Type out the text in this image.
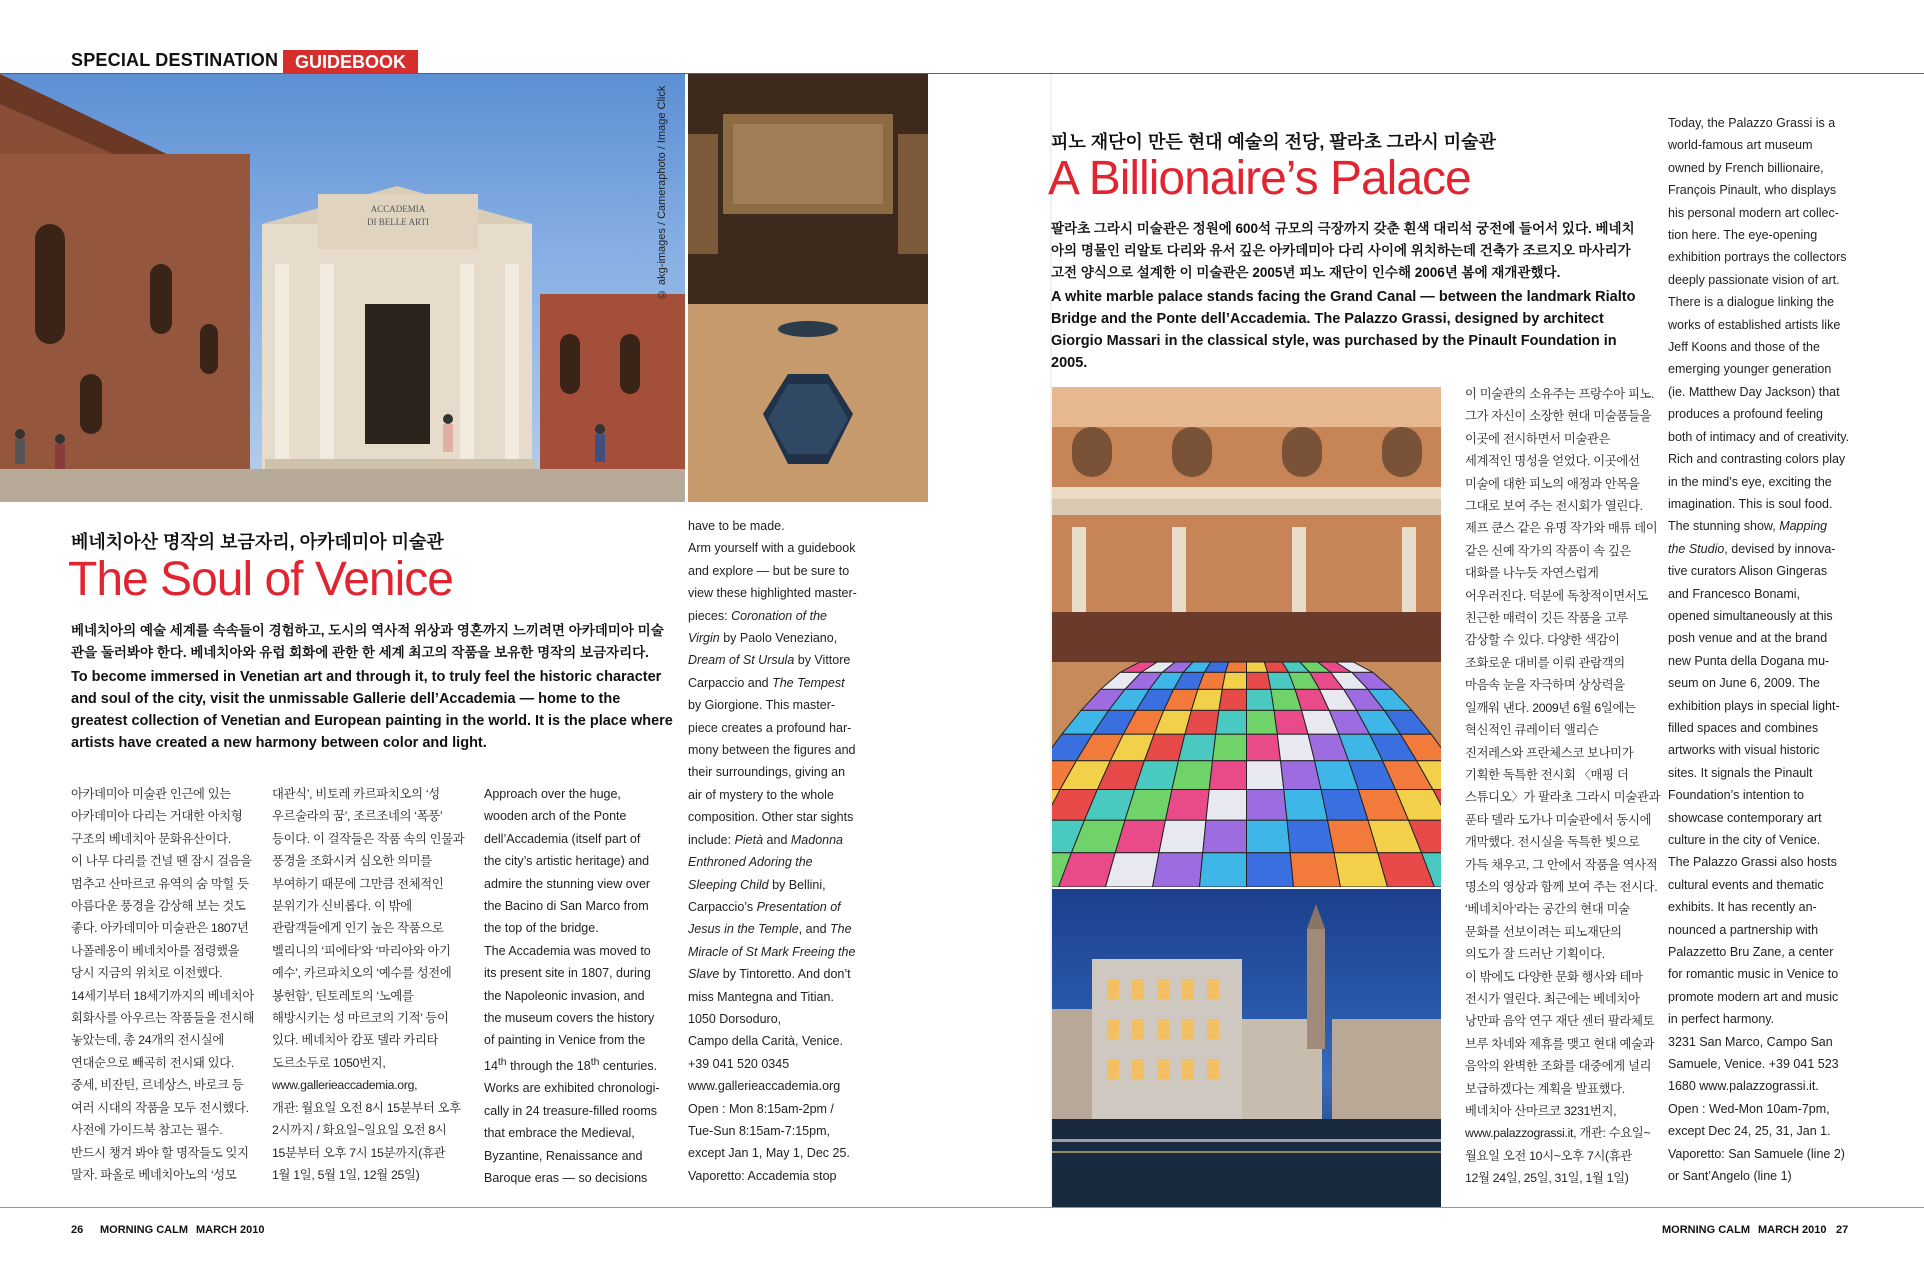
SPECIAL DESTINATION GUIDEBOOK
ACCADEMIA
DI BELLE ARTI	© akg-images / Cameraphoto / Image Click
베네치아산 명작의 보금자리, 아카데미아 미술관
The Soul of Venice

베네치아의 예술 세계를 속속들이 경험하고, 도시의 역사적 위상과 영혼까지 느끼려면 아카데미아 미술관을 둘러봐야 한다. 베네치아와 유럽 회화에 관한 한 세계 최고의 작품을 보유한 명작의 보금자리다.

To become immersed in Venetian art and through it, to truly feel the historic character and soul of the city, visit the unmissable Gallerie dell’Accademia — home to the greatest collection of Venetian and European painting in the world. It is the place where artists have created a new harmony between color and light.

아카데미아 미술관 인근에 있는
아카데미아 다리는 거대한 아치형
구조의 베네치아 문화유산이다.
이 나무 다리를 건널 땐 잠시 걸음을
멈추고 산마르코 유역의 숨 막힐 듯
아름다운 풍경을 감상해 보는 것도
좋다. 아카데미아 미술관은 1807년
나폴레옹이 베네치아를 점령했을
당시 지금의 위치로 이전했다.
14세기부터 18세기까지의 베네치아
회화사를 아우르는 작품들을 전시해
놓았는데, 총 24개의 전시실에
연대순으로 빼곡히 전시돼 있다.
중세, 비잔틴, 르네상스, 바로크 등
여러 시대의 작품을 모두 전시했다.
사전에 가이드북 참고는 필수.
반드시 챙겨 봐야 할 명작들도 잊지
말자. 파올로 베네치아노의 ‘성모
대관식’, 비토레 카르파치오의 ‘성
우르술라의 꿈’, 조르조네의 ‘폭풍’
등이다. 이 걸작들은 작품 속의 인물과
풍경을 조화시켜 심오한 의미를
부여하기 때문에 그만큼 전체적인
분위기가 신비롭다. 이 밖에
관람객들에게 인기 높은 작품으로
벨리니의 ‘피에타’와 ‘마리아와 아기
예수’, 카르파치오의 ‘예수를 성전에
봉헌함’, 틴토레토의 ‘노예를
해방시키는 성 마르코의 기적’ 등이
있다. 베네치아 캄포 델라 카리타
도르소두로 1050번지,
www.gallerieaccademia.org,
개관: 월요일 오전 8시 15분부터 오후
2시까지 / 화요일~일요일 오전 8시
15분부터 오후 7시 15분까지(휴관
1월 1일, 5월 1일, 12월 25일)
Approach over the huge,
wooden arch of the Ponte
dell’Accademia (itself part of
the city’s artistic heritage) and
admire the stunning view over
the Bacino di San Marco from
the top of the bridge.
The Accademia was moved to
its present site in 1807, during
the Napoleonic invasion, and
the museum covers the history
of painting in Venice from the
14th through the 18th centuries.
Works are exhibited chronologi-
cally in 24 treasure-filled rooms
that embrace the Medieval,
Byzantine, Renaissance and
Baroque eras — so decisions
have to be made.
Arm yourself with a guidebook
and explore — but be sure to
view these highlighted master-
pieces: Coronation of the
Virgin by Paolo Veneziano,
Dream of St Ursula by Vittore
Carpaccio and The Tempest
by Giorgione. This master-
piece creates a profound har-
mony between the figures and
their surroundings, giving an
air of mystery to the whole
composition. Other star sights
include: Pietà and Madonna
Enthroned Adoring the
Sleeping Child by Bellini,
Carpaccio’s Presentation of
Jesus in the Temple, and The
Miracle of St Mark Freeing the
Slave by Tintoretto. And don’t
miss Mantegna and Titian.
1050 Dorsoduro,
Campo della Carità, Venice.
+39 041 520 0345
www.gallerieaccademia.org
Open : Mon 8:15am-2pm /
Tue-Sun 8:15am-7:15pm,
except Jan 1, May 1, Dec 25.
Vaporetto: Accademia stop
피노 재단이 만든 현대 예술의 전당, 팔라초 그라시 미술관
A Billionaire’s Palace

팔라초 그라시 미술관은 정원에 600석 규모의 극장까지 갖춘 흰색 대리석 궁전에 들어서 있다. 베네치아의 명물인 리알토 다리와 유서 깊은 아카데미아 다리 사이에 위치하는데 건축가 조르지오 마사리가 고전 양식으로 설계한 이 미술관은 2005년 피노 재단이 인수해 2006년 봄에 재개관했다.

A white marble palace stands facing the Grand Canal — between the landmark Rialto Bridge and the Ponte dell’Accademia. The Palazzo Grassi, designed by architect Giorgio Massari in the classical style, was purchased by the Pinault Foundation in 2005.

이 미술관의 소유주는 프랑수아 피노.
그가 자신이 소장한 현대 미술품들을
이곳에 전시하면서 미술관은
세계적인 명성을 얻었다. 이곳에선
미술에 대한 피노의 애정과 안목을
그대로 보여 주는 전시회가 열린다.
제프 쿤스 같은 유명 작가와 매튜 데이
같은 신예 작가의 작품이 속 깊은
대화를 나누듯 자연스럽게
어우러진다. 덕분에 독창적이면서도
친근한 매력이 깃든 작품을 고루
감상할 수 있다. 다양한 색감이
조화로운 대비를 이뤄 관람객의
마음속 눈을 자극하며 상상력을
일깨워 낸다. 2009년 6월 6일에는
혁신적인 큐레이터 앨리슨
진저레스와 프란체스코 보나미가
기획한 독특한 전시회 〈매핑 더
스튜디오〉가 팔라초 그라시 미술관과
푼타 델라 도가나 미술관에서 동시에
개막했다. 전시실을 독특한 빛으로
가득 채우고, 그 안에서 작품을 역사적
명소의 영상과 함께 보여 주는 전시다.
‘베네치아’라는 공간의 현대 미술
문화를 선보이려는 피노재단의
의도가 잘 드러난 기획이다.
이 밖에도 다양한 문화 행사와 테마
전시가 열린다. 최근에는 베네치아
낭만파 음악 연구 재단 센터 팔라체토
브루 차네와 제휴를 맺고 현대 예술과
음악의 완벽한 조화를 대중에게 널리
보급하겠다는 계획을 발표했다.
베네치아 산마르코 3231번지,
www.palazzograssi.it, 개관: 수요일~
월요일 오전 10시~오후 7시(휴관
12월 24일, 25일, 31일, 1월 1일)
Today, the Palazzo Grassi is a
world-famous art museum
owned by French billionaire,
François Pinault, who displays
his personal modern art collec-
tion here. The eye-opening
exhibition portrays the collectors
deeply passionate vision of art.
There is a dialogue linking the
works of established artists like
Jeff Koons and those of the
emerging younger generation
(ie. Matthew Day Jackson) that
produces a profound feeling
both of intimacy and of creativity.
Rich and contrasting colors play
in the mind’s eye, exciting the
imagination. This is soul food.
The stunning show, Mapping
the Studio, devised by innova-
tive curators Alison Gingeras
and Francesco Bonami,
opened simultaneously at this
posh venue and at the brand
new Punta della Dogana mu-
seum on June 6, 2009. The
exhibition plays in special light-
filled spaces and combines
artworks with visual historic
sites. It signals the Pinault
Foundation’s intention to
showcase contemporary art
culture in the city of Venice.
The Palazzo Grassi also hosts
cultural events and thematic
exhibits. It has recently an-
nounced a partnership with
Palazzetto Bru Zane, a center
for romantic music in Venice to
promote modern art and music
in perfect harmony.
3231 San Marco, Campo San
Samuele, Venice. +39 041 523
1680 www.palazzograssi.it.
Open : Wed-Mon 10am-7pm,
except Dec 24, 25, 31, Jan 1.
Vaporetto: San Samuele (line 2)
or Sant’Angelo (line 1)
26 MORNING CALM MARCH 2010	MORNING CALM MARCH 2010 27
